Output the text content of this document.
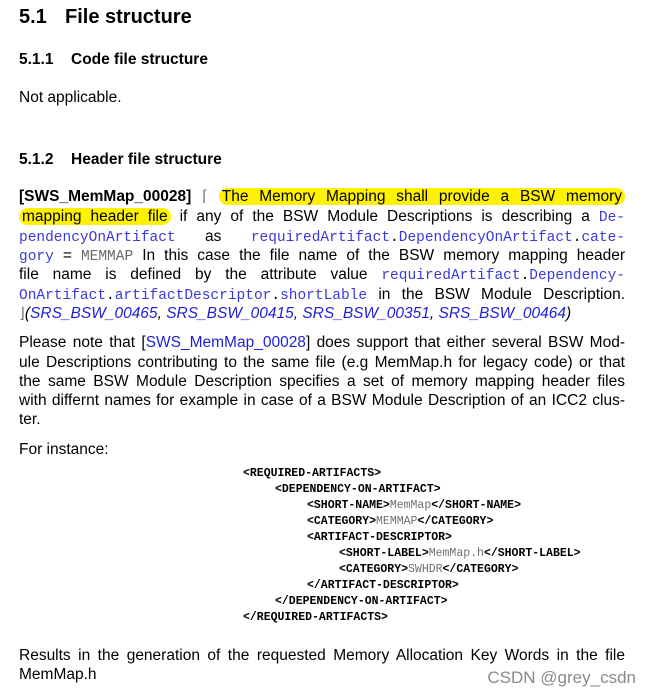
5.1 File structure
5.1.1 Code file structure
Not applicable.
5.1.2 Header file structure
[SWS_MemMap_00028] ⌈ The Memory Mapping shall provide a BSW memory
mapping header file if any of the BSW Module Descriptions is describing a De-
pendencyOnArtifact as requiredArtifact.DependencyOnArtifact.cate-
gory = MEMMAP In this case the file name of the BSW memory mapping header
file name is defined by the attribute value requiredArtifact.Dependency-
OnArtifact.artifactDescriptor.shortLable in the BSW Module Description.
⌋(SRS_BSW_00465, SRS_BSW_00415, SRS_BSW_00351, SRS_BSW_00464)
Please note that [SWS_MemMap_00028] does support that either several BSW Mod-
ule Descriptions contributing to the same file (e.g MemMap.h for legacy code) or that
the same BSW Module Description specifies a set of memory mapping header files
with differnt names for example in case of a BSW Module Description of an ICC2 clus-
ter.
For instance:
<REQUIRED-ARTIFACTS>
<DEPENDENCY-ON-ARTIFACT>
<SHORT-NAME>MemMap</SHORT-NAME>
<CATEGORY>MEMMAP</CATEGORY>
<ARTIFACT-DESCRIPTOR>
<SHORT-LABEL>MemMap.h</SHORT-LABEL>
<CATEGORY>SWHDR</CATEGORY>
</ARTIFACT-DESCRIPTOR>
</DEPENDENCY-ON-ARTIFACT>
</REQUIRED-ARTIFACTS>
Results in the generation of the requested Memory Allocation Key Words in the file
MemMap.h	CSDN @grey_csdn
